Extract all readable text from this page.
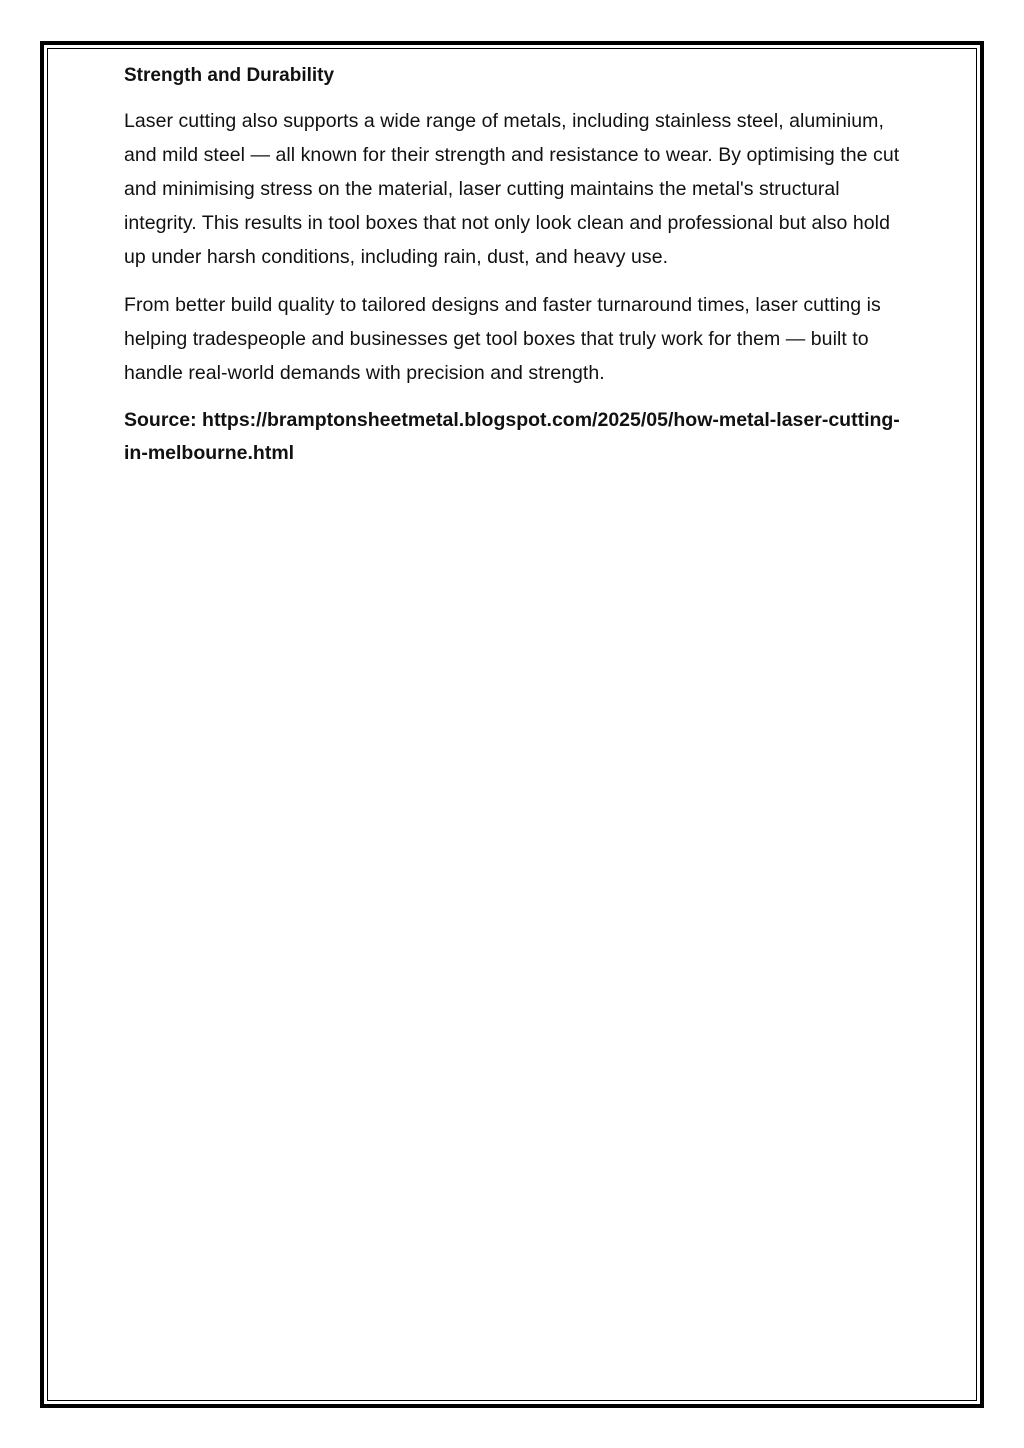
Strength and Durability

Laser cutting also supports a wide range of metals, including stainless steel, aluminium, and mild steel — all known for their strength and resistance to wear. By optimising the cut and minimising stress on the material, laser cutting maintains the metal's structural integrity. This results in tool boxes that not only look clean and professional but also hold up under harsh conditions, including rain, dust, and heavy use.

From better build quality to tailored designs and faster turnaround times, laser cutting is helping tradespeople and businesses get tool boxes that truly work for them — built to handle real-world demands with precision and strength.

Source: https://bramptonsheetmetal.blogspot.com/2025/05/how-metal-laser-cutting-in-melbourne.html
